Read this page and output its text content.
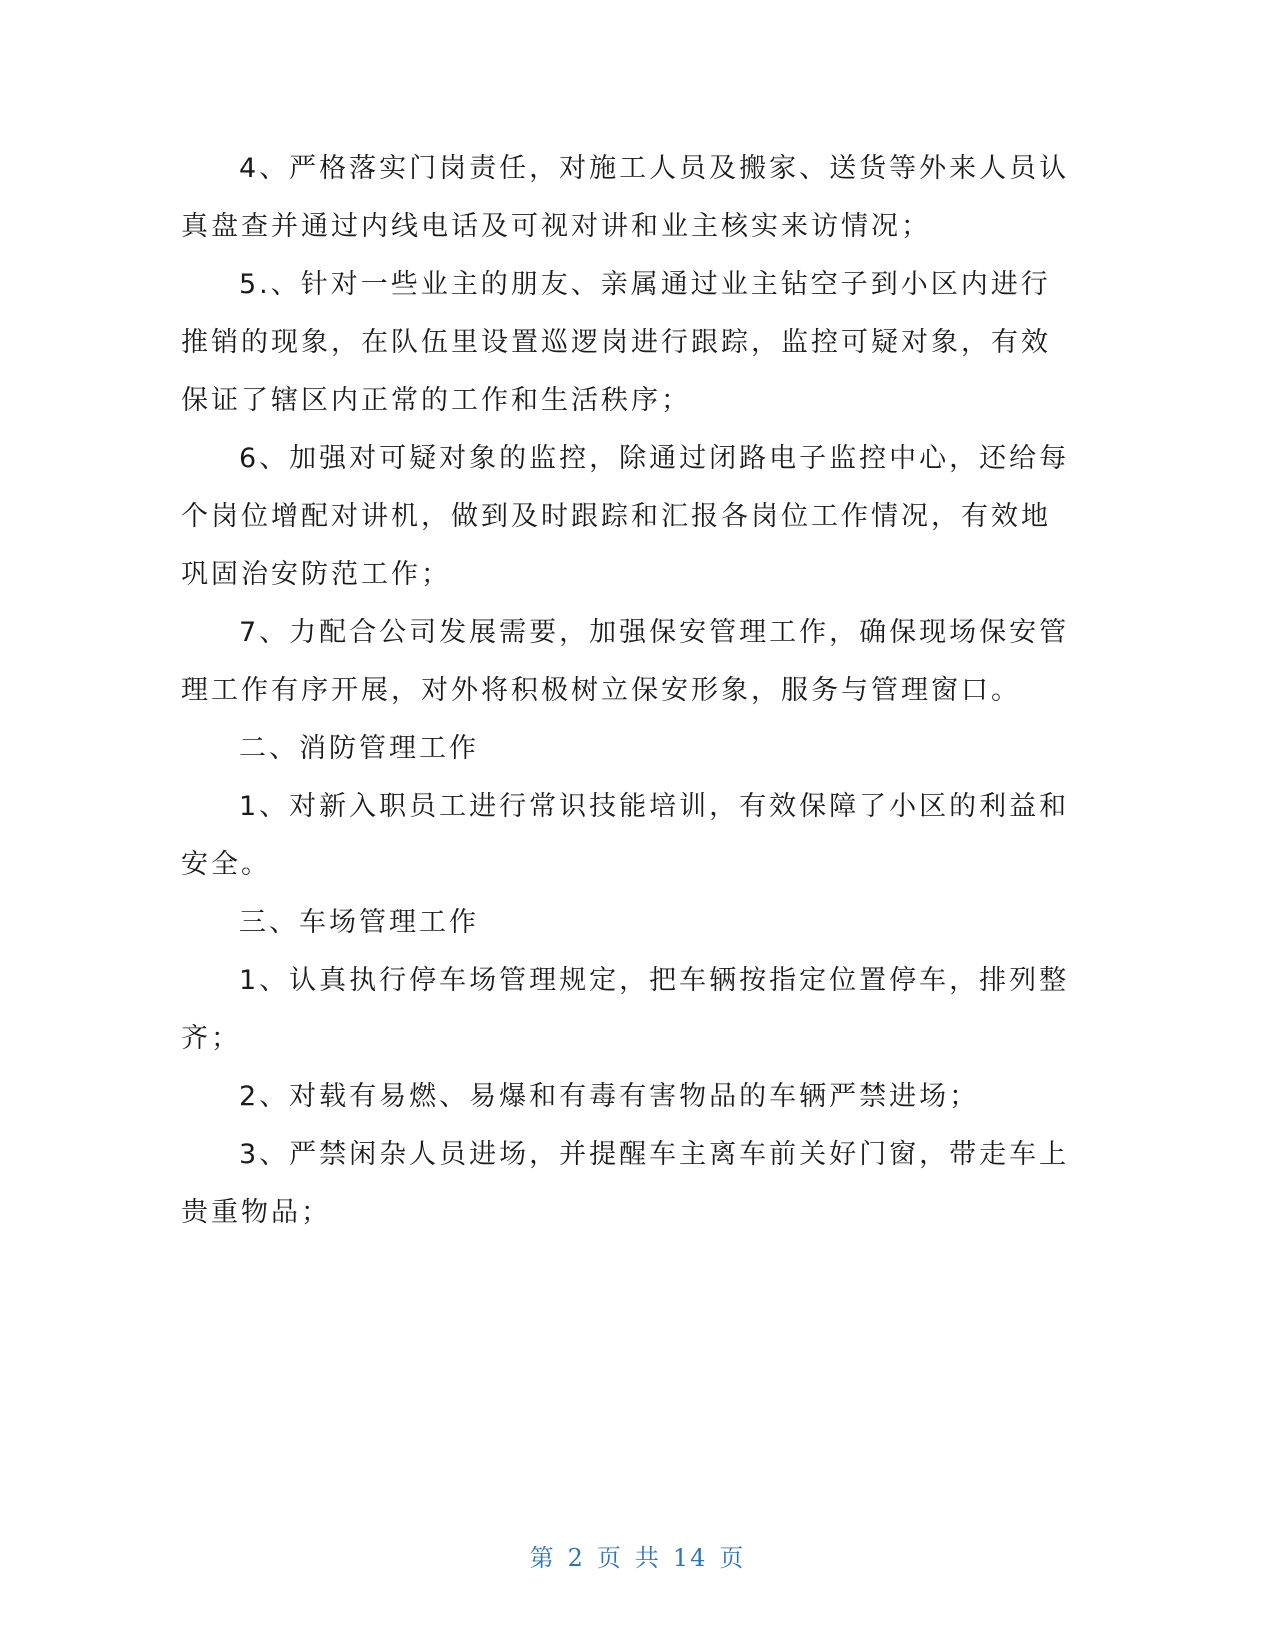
4、严格落实门岗责任，对施工人员及搬家、送货等外来人员认真盘查并通过内线电话及可视对讲和业主核实来访情况；

5.、针对一些业主的朋友、亲属通过业主钻空子到小区内进行推销的现象，在队伍里设置巡逻岗进行跟踪，监控可疑对象，有效保证了辖区内正常的工作和生活秩序；

6、加强对可疑对象的监控，除通过闭路电子监控中心，还给每个岗位增配对讲机，做到及时跟踪和汇报各岗位工作情况，有效地巩固治安防范工作；

7、力配合公司发展需要，加强保安管理工作，确保现场保安管理工作有序开展，对外将积极树立保安形象，服务与管理窗口。

二、消防管理工作

1、对新入职员工进行常识技能培训，有效保障了小区的利益和安全。

三、车场管理工作

1、认真执行停车场管理规定，把车辆按指定位置停车，排列整齐；

2、对载有易燃、易爆和有毒有害物品的车辆严禁进场；

3、严禁闲杂人员进场，并提醒车主离车前关好门窗，带走车上贵重物品；

第 2 页 共 14 页
